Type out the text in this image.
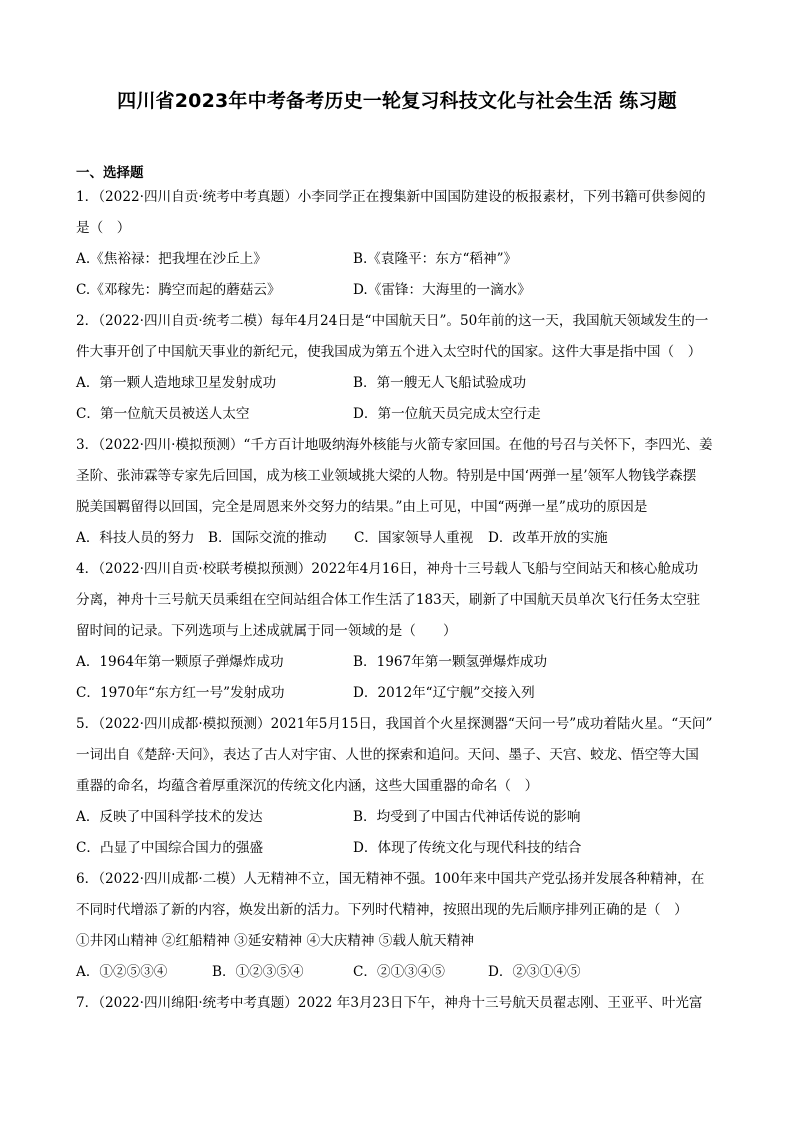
四川省2023年中考备考历史一轮复习科技文化与社会生活 练习题
一、选择题
1．（2022·四川自贡·统考中考真题）小李同学正在搜集新中国国防建设的板报素材，下列书籍可供参阅的
是（　）
A.《焦裕禄：把我埋在沙丘上》	B.《袁隆平：东方“稻神”》
C.《邓稼先：腾空而起的蘑菇云》	D.《雷锋：大海里的一滴水》
2．（2022·四川自贡·统考二模）每年4月24日是“中国航天日”。50年前的这一天，我国航天领域发生的一
件大事开创了中国航天事业的新纪元，使我国成为第五个进入太空时代的国家。这件大事是指中国（　）
A．第一颗人造地球卫星发射成功	B．第一艘无人飞船试验成功
C．第一位航天员被送人太空	D．第一位航天员完成太空行走
3．（2022·四川·模拟预测）“千方百计地吸纳海外核能与火箭专家回国。在他的号召与关怀下，李四光、姜
圣阶、张沛霖等专家先后回国，成为核工业领域挑大梁的人物。特别是中国‘两弹一星’领军人物钱学森摆
脱美国羁留得以回国，完全是周恩来外交努力的结果。”由上可见，中国“两弹一星”成功的原因是
A．科技人员的努力 B．国际交流的推动 C．国家领导人重视 D．改革开放的实施
4．（2022·四川自贡·校联考模拟预测）2022年4月16日，神舟十三号载人飞船与空间站天和核心舱成功
分离，神舟十三号航天员乘组在空间站组合体工作生活了183天，刷新了中国航天员单次飞行任务太空驻
留时间的记录。下列选项与上述成就属于同一领域的是（　　）
A．1964年第一颗原子弹爆炸成功	B．1967年第一颗氢弹爆炸成功
C．1970年“东方红一号”发射成功	D．2012年“辽宁舰”交接入列
5．（2022·四川成都·模拟预测）2021年5月15日，我国首个火星探测器“天问一号”成功着陆火星。“天问”
一词出自《楚辞·天问》，表达了古人对宇宙、人世的探索和追问。天问、墨子、天宫、蛟龙、悟空等大国
重器的命名，均蕴含着厚重深沉的传统文化内涵，这些大国重器的命名（　）
A．反映了中国科学技术的发达	B．均受到了中国古代神话传说的影响
C．凸显了中国综合国力的强盛	D．体现了传统文化与现代科技的结合
6．（2022·四川成都·二模）人无精神不立，国无精神不强。100年来中国共产党弘扬并发展各种精神，在
不同时代增添了新的内容，焕发出新的活力。下列时代精神，按照出现的先后顺序排列正确的是（　）
①井冈山精神 ②红船精神 ③延安精神 ④大庆精神 ⑤载人航天精神
A．①②⑤③④	B．①②③⑤④	C．②①③④⑤	D．②③①④⑤
7．（2022·四川绵阳·统考中考真题）2022 年3月23日下午，神舟十三号航天员翟志刚、王亚平、叶光富
